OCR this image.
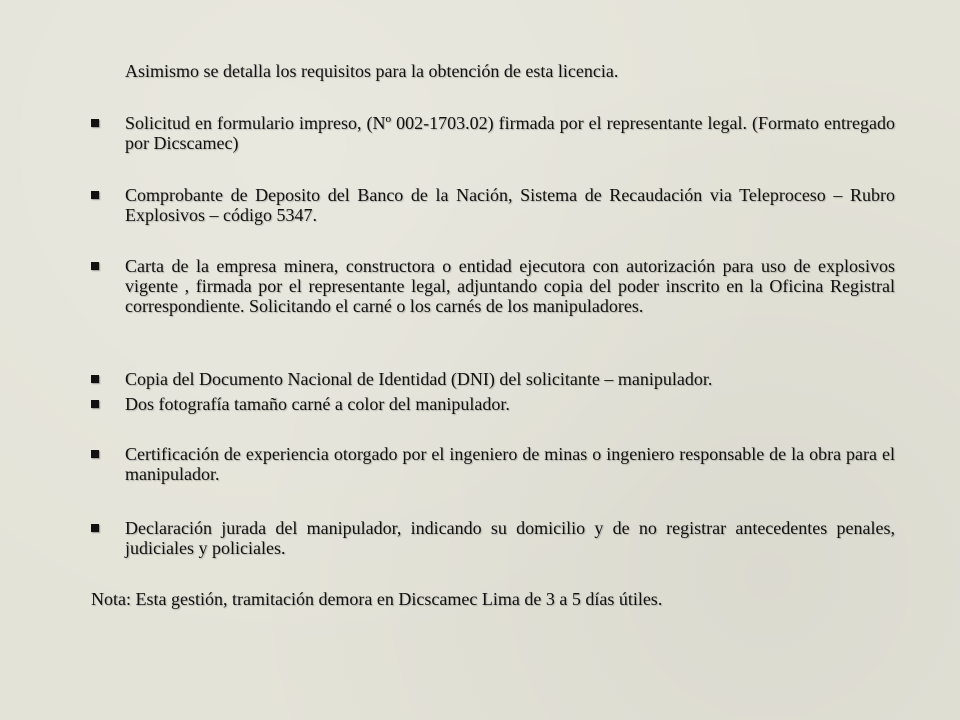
Asimismo se detalla los requisitos para la obtención de esta licencia.
Solicitud en formulario impreso, (Nº 002-1703.02) firmada por el representante legal. (Formato entregado por Dicscamec)
Comprobante de Deposito del Banco de la Nación, Sistema de Recaudación via Teleproceso – Rubro Explosivos – código 5347.
Carta de la empresa minera, constructora o entidad ejecutora con autorización para uso de explosivos vigente , firmada por el representante legal, adjuntando copia del poder inscrito en la Oficina Registral correspondiente. Solicitando el carné o los carnés de los manipuladores.
Copia del Documento Nacional de Identidad (DNI) del solicitante – manipulador.
Dos fotografía tamaño carné a color del manipulador.
Certificación de experiencia otorgado por el ingeniero de minas o ingeniero responsable de la obra para el manipulador.
Declaración jurada del manipulador, indicando su domicilio y de no registrar antecedentes penales, judiciales y policiales.
Nota: Esta gestión, tramitación demora en Dicscamec Lima de 3 a 5 días útiles.
